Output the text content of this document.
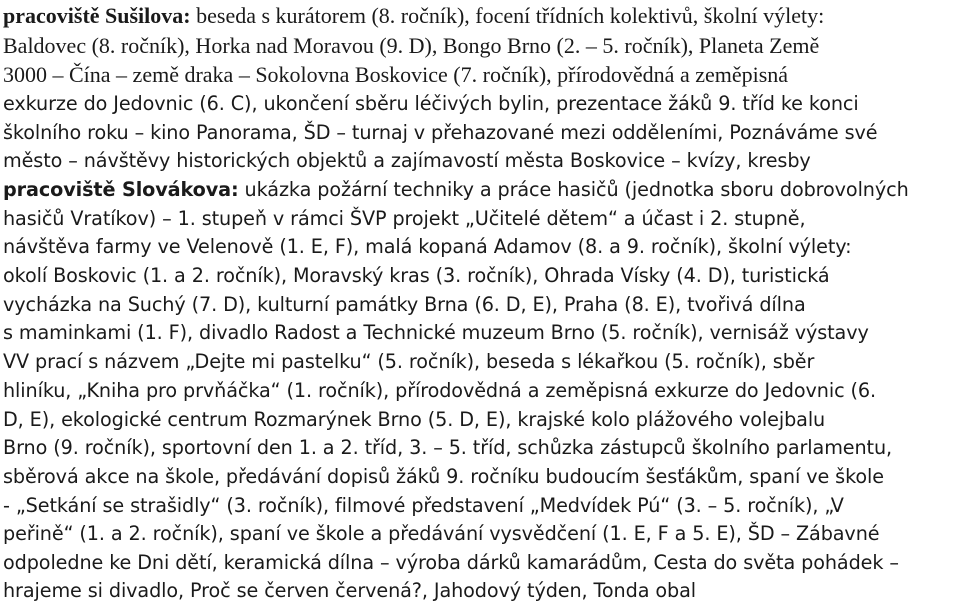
pracoviště Sušilova: beseda s kurátorem (8. ročník), focení třídních kolektivů, školní výlety:
Baldovec (8. ročník), Horka nad Moravou (9. D), Bongo Brno (2. – 5. ročník), Planeta Země
3000 – Čína – země draka – Sokolovna Boskovice (7. ročník), přírodovědná a zeměpisná
exkurze do Jedovnic (6. C), ukončení sběru léčivých bylin, prezentace žáků 9. tříd ke konci
školního roku – kino Panorama, ŠD – turnaj v přehazované mezi odděleními, Poznáváme své
město – návštěvy historických objektů a zajímavostí města Boskovice – kvízy, kresby
pracoviště Slovákova: ukázka požární techniky a práce hasičů (jednotka sboru dobrovolných
hasičů Vratíkov) – 1. stupeň v rámci ŠVP projekt „Učitelé dětem“ a účast i 2. stupně,
návštěva farmy ve Velenově (1. E, F), malá kopaná Adamov (8. a 9. ročník), školní výlety:
okolí Boskovic (1. a 2. ročník), Moravský kras (3. ročník), Ohrada Vísky (4. D), turistická
vycházka na Suchý (7. D), kulturní památky Brna (6. D, E), Praha (8. E), tvořivá dílna
s maminkami (1. F), divadlo Radost a Technické muzeum Brno (5. ročník), vernisáž výstavy
VV prací s názvem „Dejte mi pastelku“ (5. ročník), beseda s lékařkou (5. ročník), sběr
hliníku, „Kniha pro prvňáčka“ (1. ročník), přírodovědná a zeměpisná exkurze do Jedovnic (6.
D, E), ekologické centrum Rozmarýnek Brno (5. D, E), krajské kolo plážového volejbalu
Brno (9. ročník), sportovní den 1. a 2. tříd, 3. – 5. tříd, schůzka zástupců školního parlamentu,
sběrová akce na škole, předávání dopisů žáků 9. ročníku budoucím šesťákům, spaní ve škole
- „Setkání se strašidly“ (3. ročník), filmové představení „Medvídek Pú“ (3. – 5. ročník), „V
peřině“ (1. a 2. ročník), spaní ve škole a předávání vysvědčení (1. E, F a 5. E), ŠD – Zábavné
odpoledne ke Dni dětí, keramická dílna – výroba dárků kamarádům, Cesta do světa pohádek –
hrajeme si divadlo, Proč se červen červená?, Jahodový týden, Tonda obal
